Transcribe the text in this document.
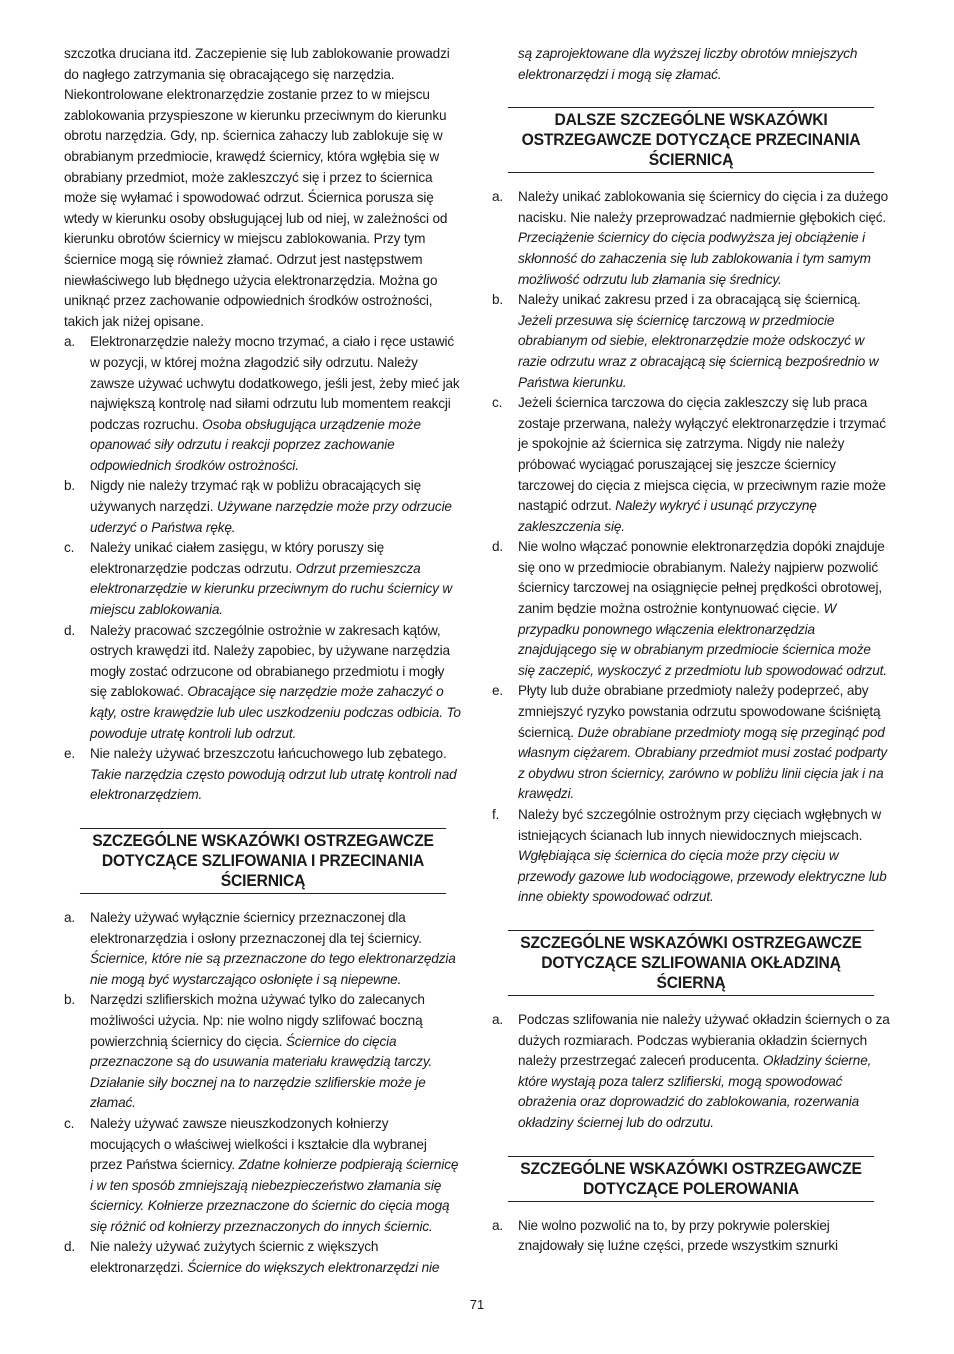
szczotka druciana itd. Zaczepienie się lub zablokowanie prowadzi do nagłego zatrzymania się obracającego się narzędzia. Niekontrolowane elektronarzędzie zostanie przez to w miejscu zablokowania przyspieszone w kierunku przeciwnym do kierunku obrotu narzędzia. Gdy, np. ściernica zahaczy lub zablokuje się w obrabianym przedmiocie, krawędź ściernicy, która wgłębia się w obrabiany przedmiot, może zakleszczyć się i przez to ściernica może się wyłamać i spowodować odrzut. Ściernica porusza się wtedy w kierunku osoby obsługującej lub od niej, w zależności od kierunku obrotów ściernicy w miejscu zablokowania. Przy tym ściernice mogą się również złamać. Odrzut jest następstwem niewłaściwego lub błędnego użycia elektronarzędzia. Można go uniknąć przez zachowanie odpowiednich środków ostrożności, takich jak niżej opisane.

a.	Elektronarzędzie należy mocno trzymać, a ciało i ręce ustawić w pozycji, w której można złagodzić siły odrzutu. Należy zawsze używać uchwytu dodatkowego, jeśli jest, żeby mieć jak największą kontrolę nad siłami odrzutu lub momentem reakcji podczas rozruchu. Osoba obsługująca urządzenie może opanować siły odrzutu i reakcji poprzez zachowanie odpowiednich środków ostrożności.
b.	Nigdy nie należy trzymać rąk w pobliżu obracających się używanych narzędzi. Używane narzędzie może przy odrzucie uderzyć o Państwa rękę.
c.	Należy unikać ciałem zasięgu, w który poruszy się elektronarzędzie podczas odrzutu. Odrzut przemieszcza elektronarzędzie w kierunku przeciwnym do ruchu ściernicy w miejscu zablokowania.
d.	Należy pracować szczególnie ostrożnie w zakresach kątów, ostrych krawędzi itd. Należy zapobiec, by używane narzędzia mogły zostać odrzucone od obrabianego przedmiotu i mogły się zablokować. Obracające się narzędzie może zahaczyć o kąty, ostre krawędzie lub ulec uszkodzeniu podczas odbicia. To powoduje utratę kontroli lub odrzut.
e.	Nie należy używać brzeszczotu łańcuchowego lub zębatego. Takie narzędzia często powodują odrzut lub utratę kontroli nad elektronarzędziem.
SZCZEGÓLNE WSKAZÓWKI OSTRZEGAWCZE
DOTYCZĄCE SZLIFOWANIA I PRZECINANIA
ŚCIERNICĄ
a.	Należy używać wyłącznie ściernicy przeznaczonej dla elektronarzędzia i osłony przeznaczonej dla tej ściernicy. Ściernice, które nie są przeznaczone do tego elektronarzędzia nie mogą być wystarczająco osłonięte i są niepewne.
b.	Narzędzi szlifierskich można używać tylko do zalecanych możliwości użycia. Np: nie wolno nigdy szlifować boczną powierzchnią ściernicy do cięcia. Ściernice do cięcia przeznaczone są do usuwania materiału krawędzią tarczy. Działanie siły bocznej na to narzędzie szlifierskie może je złamać.
c.	Należy używać zawsze nieuszkodzonych kołnierzy mocujących o właściwej wielkości i kształcie dla wybranej przez Państwa ściernicy. Zdatne kołnierze podpierają ściernicę i w ten sposób zmniejszają niebezpieczeństwo złamania się ściernicy. Kołnierze przeznaczone do ściernic do cięcia mogą się różnić od kołnierzy przeznaczonych do innych ściernic.
d.	Nie należy używać zużytych ściernic z większych elektronarzędzi. Ściernice do większych elektronarzędzi nie
są zaprojektowane dla wyższej liczby obrotów mniejszych elektronarzędzi i mogą się złamać.
DALSZE SZCZEGÓLNE WSKAZÓWKI
OSTRZEGAWCZE DOTYCZĄCE PRZECINANIA
ŚCIERNICĄ
a.	Należy unikać zablokowania się ściernicy do cięcia i za dużego nacisku. Nie należy przeprowadzać nadmiernie głębokich cięć. Przeciążenie ściernicy do cięcia podwyższa jej obciążenie i skłonność do zahaczenia się lub zablokowania i tym samym możliwość odrzutu lub złamania się średnicy.
b.	Należy unikać zakresu przed i za obracającą się ściernicą. Jeżeli przesuwa się ściernicę tarczową w przedmiocie obrabianym od siebie, elektronarzędzie może odskoczyć w razie odrzutu wraz z obracającą się ściernicą bezpośrednio w Państwa kierunku.
c.	Jeżeli ściernica tarczowa do cięcia zakleszczy się lub praca zostaje przerwana, należy wyłączyć elektronarzędzie i trzymać je spokojnie aż ściernica się zatrzyma. Nigdy nie należy próbować wyciągać poruszającej się jeszcze ściernicy tarczowej do cięcia z miejsca cięcia, w przeciwnym razie może nastąpić odrzut. Należy wykryć i usunąć przyczynę zakleszczenia się.
d.	Nie wolno włączać ponownie elektronarzędzia dopóki znajduje się ono w przedmiocie obrabianym. Należy najpierw pozwolić ściernicy tarczowej na osiągnięcie pełnej prędkości obrotowej, zanim będzie można ostrożnie kontynuować cięcie. W przypadku ponownego włączenia elektronarzędzia znajdującego się w obrabianym przedmiocie ściernica może się zaczepić, wyskoczyć z przedmiotu lub spowodować odrzut.
e.	Płyty lub duże obrabiane przedmioty należy podeprzeć, aby zmniejszyć ryzyko powstania odrzutu spowodowane ściśniętą ściernicą. Duże obrabiane przedmioty mogą się przeginąć pod własnym ciężarem. Obrabiany przedmiot musi zostać podparty z obydwu stron ściernicy, zarówno w pobliżu linii cięcia jak i na krawędzi.
f.	Należy być szczególnie ostrożnym przy cięciach wgłębnych w istniejących ścianach lub innych niewidocznych miejscach. Wgłębiająca się ściernica do cięcia może przy cięciu w przewody gazowe lub wodociągowe, przewody elektryczne lub inne obiekty spowodować odrzut.
SZCZEGÓLNE WSKAZÓWKI OSTRZEGAWCZE
DOTYCZĄCE SZLIFOWANIA OKŁADZINĄ
ŚCIERNĄ
a.	Podczas szlifowania nie należy używać okładzin ściernych o za dużych rozmiarach. Podczas wybierania okładzin ściernych należy przestrzegać zaleceń producenta. Okładziny ścierne, które wystają poza talerz szlifierski, mogą spowodować obrażenia oraz doprowadzić do zablokowania, rozerwania okładziny ściernej lub do odrzutu.
SZCZEGÓLNE WSKAZÓWKI OSTRZEGAWCZE
DOTYCZĄCE POLEROWANIA
a.	Nie wolno pozwolić na to, by przy pokrywie polerskiej znajdowały się luźne części, przede wszystkim sznurki
71
